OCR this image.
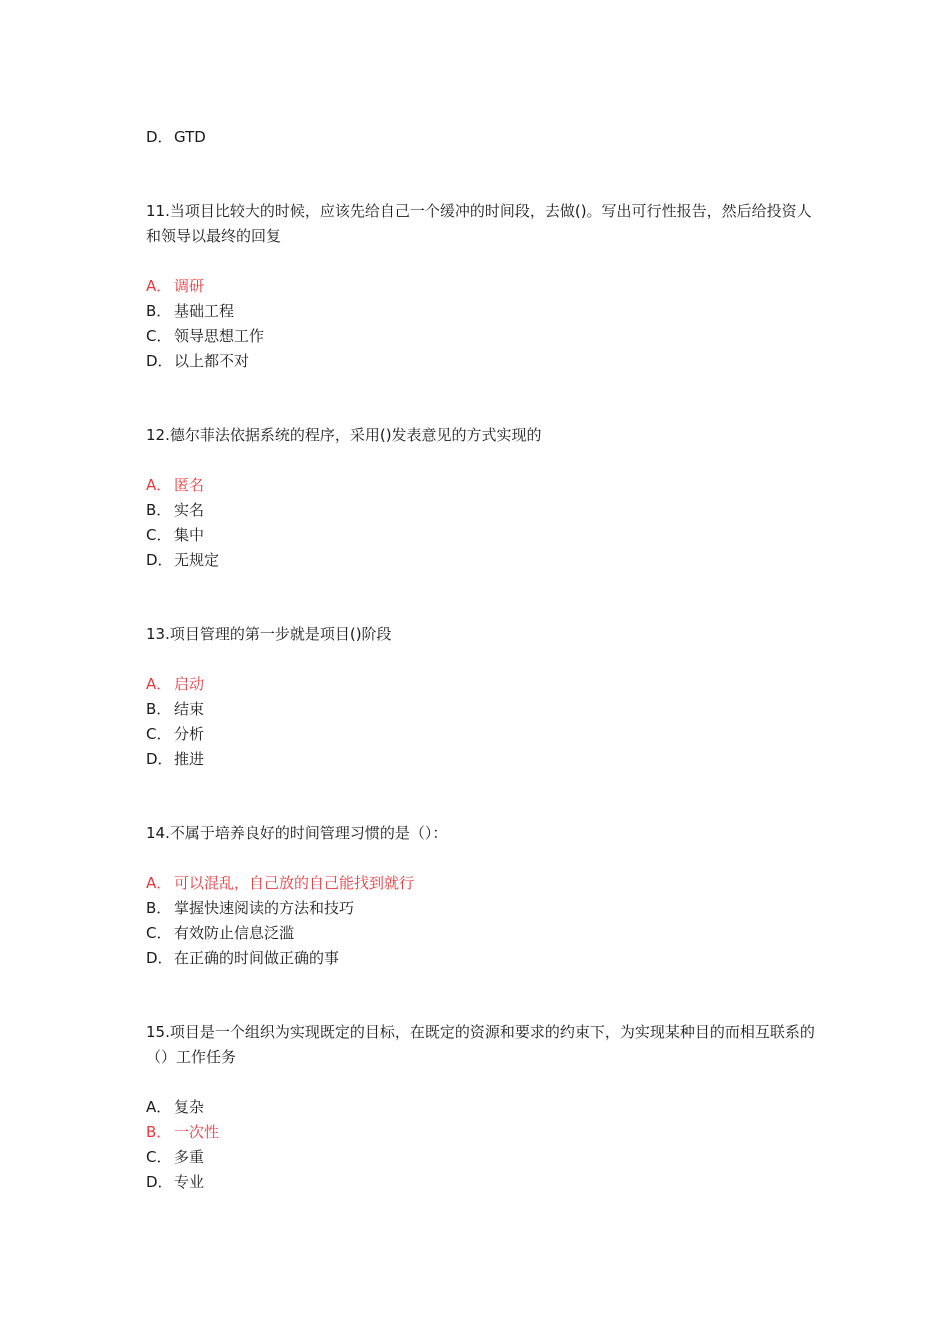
D．GTD
11.当项目比较大的时候，应该先给自己一个缓冲的时间段，去做()。写出可行性报告，然后给投资人和领导以最终的回复
A． 调研
B． 基础工程
C． 领导思想工作
D．以上都不对
12.德尔菲法依据系统的程序，采用()发表意见的方式实现的
A． 匿名
B． 实名
C． 集中
D．无规定
13.项目管理的第一步就是项目()阶段
A． 启动
B． 结束
C． 分析
D．推进
14.不属于培养良好的时间管理习惯的是（）：
A． 可以混乱，自己放的自己能找到就行
B． 掌握快速阅读的方法和技巧
C． 有效防止信息泛滥
D．在正确的时间做正确的事
15.项目是一个组织为实现既定的目标，在既定的资源和要求的约束下，为实现某种目的而相互联系的（）工作任务
A． 复杂
B． 一次性
C． 多重
D．专业
